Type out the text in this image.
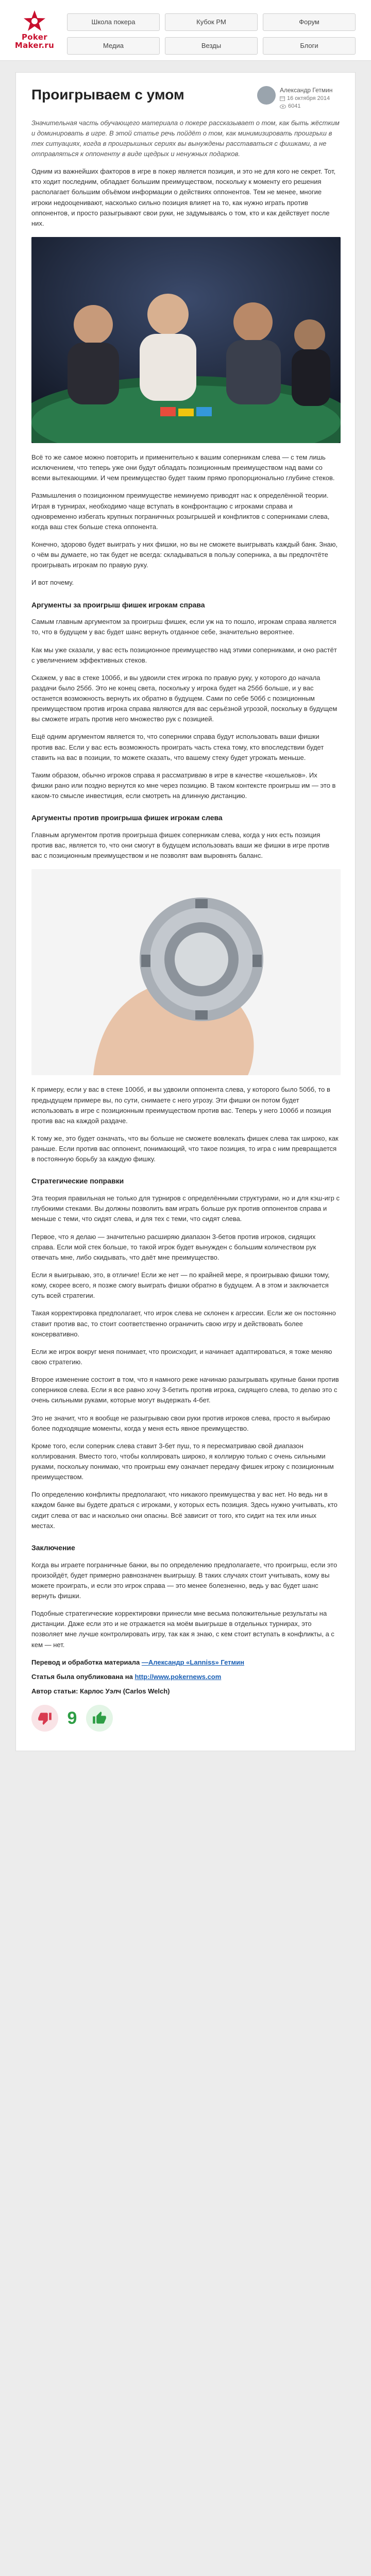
Poker
Maker.ru
Школа покера	Кубок PM	Форум
Медиа	Везды	Блоги
Проигрываем с умом	Александр Гетмин
16 октября 2014
6041

Значительная часть обучающего материала о покере рассказывает о том, как быть жёстким и доминировать в игре. В этой статье речь пойдёт о том, как минимизировать проигрыш в тех ситуациях, когда в проигрышных сериях вы вынуждены расставаться с фишками, а не отправляться к оппоненту в виде щедрых и ненужных подарков.

Одним из важнейших факторов в игре в покер является позиция, и это не для кого не секрет. Тот, кто ходит последним, обладает большим преимуществом, поскольку к моменту его решения располагает большим объёмом информации о действиях оппонентов. Тем не менее, многие игроки недооценивают, насколько сильно позиция влияет на то, как нужно играть против оппонентов, и просто разыгрывают свои руки, не задумываясь о том, кто и как действует после них.

Всё то же самое можно повторить и применительно к вашим соперникам слева — с тем лишь исключением, что теперь уже они будут обладать позиционным преимуществом над вами со всеми вытекающими. И чем преимущество будет таким прямо пропорционально глубине стеков.

Размышления о позиционном преимуществе неминуемо приводят нас к определённой теории. Играя в турнирах, необходимо чаще вступать в конфронтацию с игроками справа и одновременно избегать крупных пограничных розыгрышей и конфликтов с соперниками слева, когда ваш стек больше стека оппонента.

Конечно, здорово будет выиграть у них фишки, но вы не сможете выигрывать каждый банк. Знаю, о чём вы думаете, но так будет не всегда: складываться в пользу соперника, а вы предпочтёте проигрывать игрокам по правую руку.

И вот почему.

Аргументы за проигрыш фишек игрокам справа

Самым главным аргументом за проигрыш фишек, если уж на то пошло, игрокам справа является то, что в будущем у вас будет шанс вернуть отданное себе, значительно вероятнее.

Как мы уже сказали, у вас есть позиционное преимущество над этими соперниками, и оно растёт с увеличением эффективных стеков.

Скажем, у вас в стеке 100бб, и вы удвоили стек игрока по правую руку, у которого до начала раздачи было 25бб. Это не конец света, поскольку у игрока будет на 25бб больше, и у вас останется возможность вернуть их обратно в будущем. Сами по себе 50бб с позиционным преимуществом против игрока справа являются для вас серьёзной угрозой, поскольку в будущем вы сможете играть против него множество рук с позицией.

Ещё одним аргументом является то, что соперники справа будут использовать ваши фишки против вас. Если у вас есть возможность проиграть часть стека тому, кто впоследствии будет ставить на вас в позиции, то можете сказать, что вашему стеку будет угрожать меньше.

Таким образом, обычно игроков справа я рассматриваю в игре в качестве «кошельков». Их фишки рано или поздно вернутся ко мне через позицию. В таком контексте проигрыш им — это в каком-то смысле инвестиция, если смотреть на длинную дистанцию.

Аргументы против проигрыша фишек игрокам слева

Главным аргументом против проигрыша фишек соперникам слева, когда у них есть позиция против вас, является то, что они смогут в будущем использовать ваши же фишки в игре против вас с позиционным преимуществом и не позволят вам выровнять баланс.

К примеру, если у вас в стеке 100бб, и вы удвоили оппонента слева, у которого было 50бб, то в предыдущем примере вы, по сути, снимаете с него угрозу. Эти фишки он потом будет использовать в игре с позиционным преимуществом против вас. Теперь у него 100бб и позиция против вас на каждой раздаче.

К тому же, это будет означать, что вы больше не сможете вовлекать фишек слева так широко, как раньше. Если против вас оппонент, понимающий, что такое позиция, то игра с ним превращается в постоянную борьбу за каждую фишку.

Стратегические поправки

Эта теория правильная не только для турниров с определёнными структурами, но и для кэш-игр с глубокими стеками. Вы должны позволить вам играть больше рук против оппонентов справа и меньше с теми, что сидят слева, и для тех с теми, что сидят слева.

Первое, что я делаю — значительно расширяю диапазон 3-бетов против игроков, сидящих справа. Если мой стек больше, то такой игрок будет вынужден с большим количеством рук отвечать мне, либо скидывать, что даёт мне преимущество.

Если я выигрываю, это, в отличие! Если же нет — по крайней мере, я проигрываю фишки тому, кому, скорее всего, я позже смогу выиграть фишки обратно в будущем. А в этом и заключается суть всей стратегии.

Такая корректировка предполагает, что игрок слева не склонен к агрессии. Если же он постоянно ставит против вас, то стоит соответственно ограничить свою игру и действовать более консервативно.

Если же игрок вокруг меня понимает, что происходит, и начинает адаптироваться, я тоже меняю свою стратегию.

Второе изменение состоит в том, что я намного реже начинаю разыгрывать крупные банки против соперников слева. Если я все равно хочу 3-бетить против игрока, сидящего слева, то делаю это с очень сильными руками, которые могут выдержать 4-бет.

Это не значит, что я вообще не разыгрываю свои руки против игроков слева, просто я выбираю более подходящие моменты, когда у меня есть явное преимущество.

Кроме того, если соперник слева ставит 3-бет пуш, то я пересматриваю свой диапазон коллирования. Вместо того, чтобы коллировать широко, я коллирую только с очень сильными руками, поскольку понимаю, что проигрыш ему означает передачу фишек игроку с позиционным преимуществом.

По определению конфликты предполагают, что никакого преимущества у вас нет. Но ведь ни в каждом банке вы будете драться с игроками, у которых есть позиция. Здесь нужно учитывать, кто сидит слева от вас и насколько они опасны. Всё зависит от того, кто сидит на тех или иных местах.

Заключение

Когда вы играете пограничные банки, вы по определению предполагаете, что проигрыш, если это произойдёт, будет примерно равнозначен выигрышу. В таких случаях стоит учитывать, кому вы можете проиграть, и если это игрок справа — это менее болезненно, ведь у вас будет шанс вернуть фишки.

Подобные стратегические корректировки принесли мне весьма положительные результаты на дистанции. Даже если это и не отражается на моём выигрыше в отдельных турнирах, это позволяет мне лучше контролировать игру, так как я знаю, с кем стоит вступать в конфликты, а с кем — нет.

Перевод и обработка материала —Александр «Lanniss» Гетмин
Статья была опубликована на http://www.pokernews.com
Автор статьи: Карлос Уэлч (Carlos Welch)
9
